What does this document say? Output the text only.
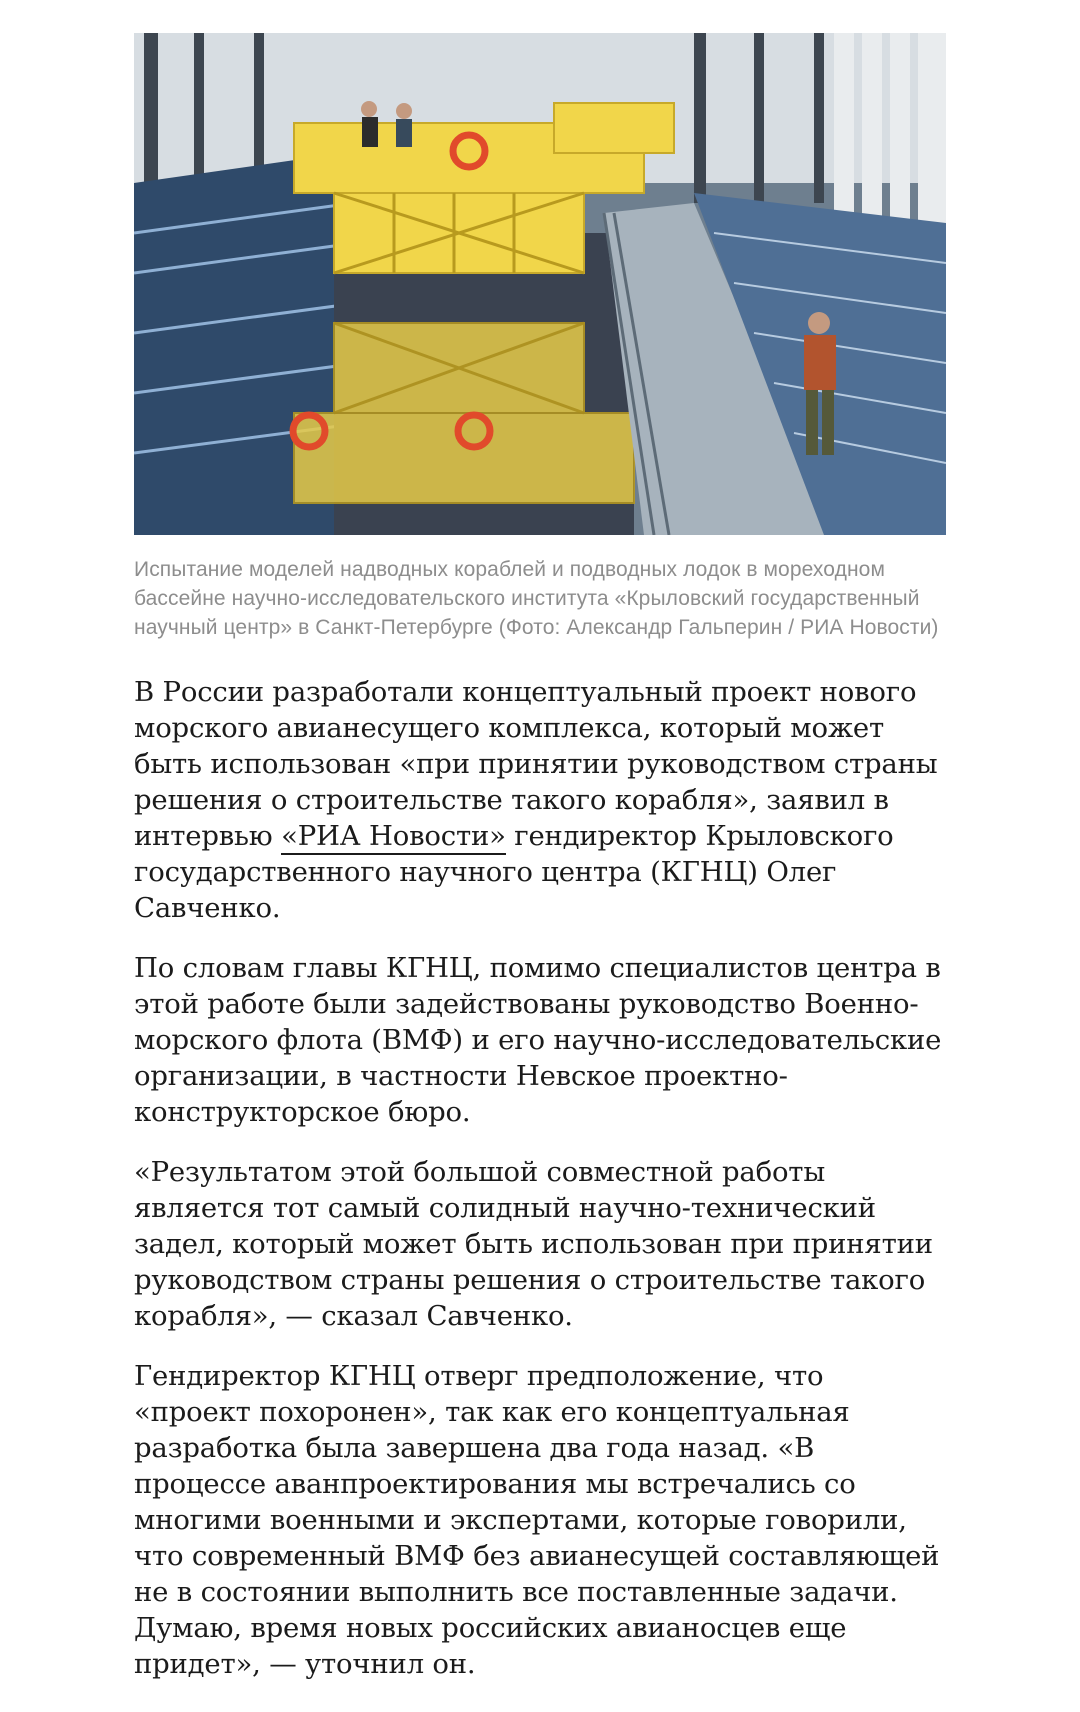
Испытание моделей надводных кораблей и подводных лодок в мореходном бассейне научно-исследовательского института «Крыловский государственный научный центр» в Санкт-Петербурге (Фото: Александр Гальперин / РИА Новости)

В России разработали концептуальный проект нового морского авианесущего комплекса, который может быть использован «при принятии руководством страны решения о строительстве такого корабля», заявил в интервью «РИА Новости» гендиректор Крыловского государственного научного центра (КГНЦ) Олег Савченко.

По словам главы КГНЦ, помимо специалистов центра в этой работе были задействованы руководство Военно-морского флота (ВМФ) и его научно-исследовательские организации, в частности Невское проектно-конструкторское бюро.

«Результатом этой большой совместной работы является тот самый солидный научно-технический задел, который может быть использован при принятии руководством страны решения о строительстве такого корабля», — сказал Савченко.

Гендиректор КГНЦ отверг предположение, что «проект похоронен», так как его концептуальная разработка была завершена два года назад. «В процессе аванпроектирования мы встречались со многими военными и экспертами, которые говорили, что современный ВМФ без авианесущей составляющей не в состоянии выполнить все поставленные задачи. Думаю, время новых российских авианосцев еще придет», — уточнил он.
